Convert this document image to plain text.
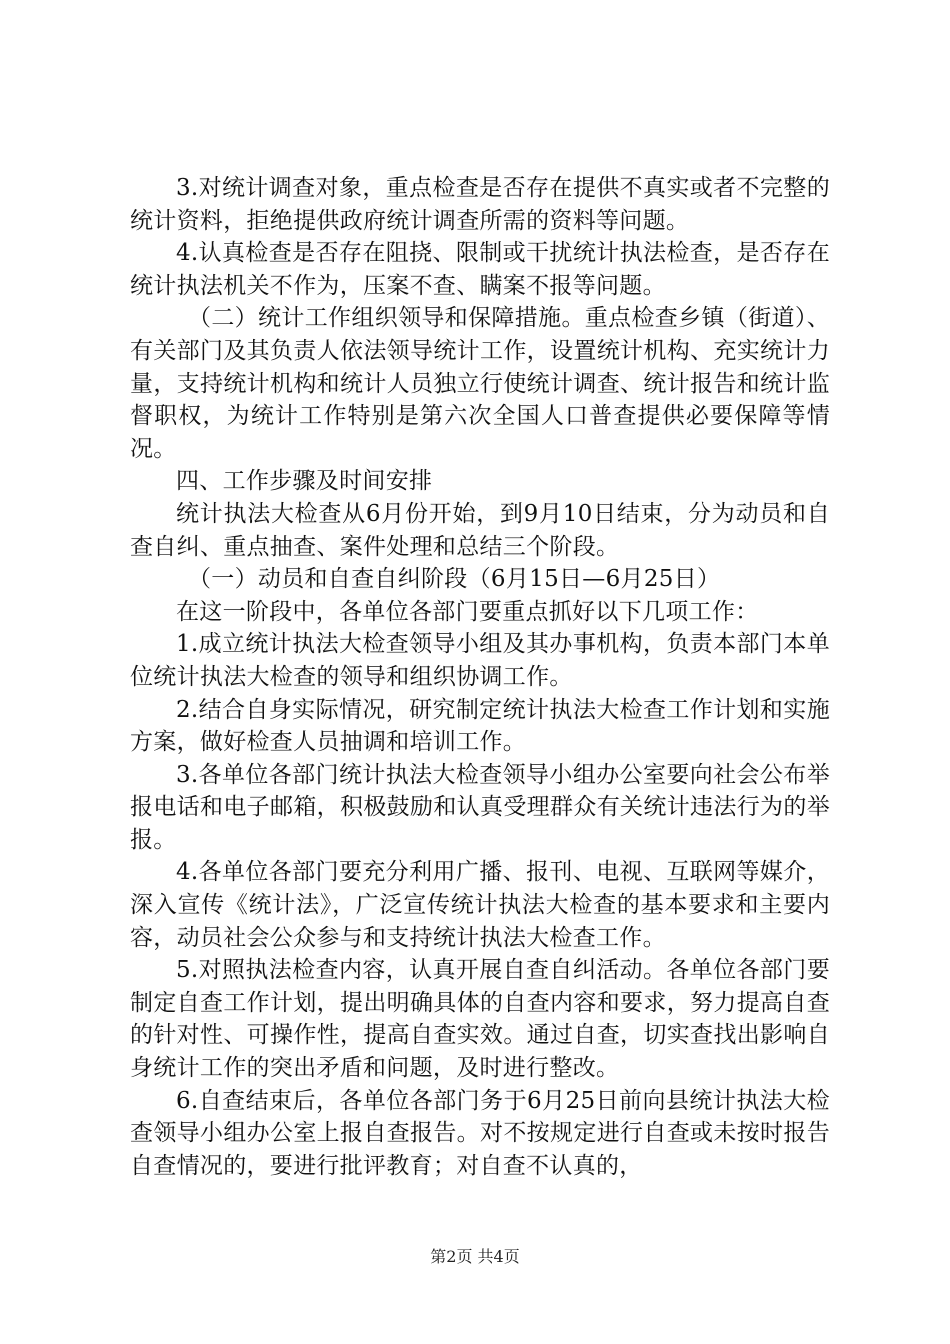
3.对统计调查对象，重点检查是否存在提供不真实或者不完整的统计资料，拒绝提供政府统计调查所需的资料等问题。

4.认真检查是否存在阻挠、限制或干扰统计执法检查，是否存在统计执法机关不作为，压案不查、瞒案不报等问题。

（二）统计工作组织领导和保障措施。重点检查乡镇（街道）、有关部门及其负责人依法领导统计工作，设置统计机构、充实统计力量，支持统计机构和统计人员独立行使统计调查、统计报告和统计监督职权，为统计工作特别是第六次全国人口普查提供必要保障等情况。

四、工作步骤及时间安排

统计执法大检查从6月份开始，到9月10日结束，分为动员和自查自纠、重点抽查、案件处理和总结三个阶段。

（一）动员和自查自纠阶段（6月15日—6月25日）

在这一阶段中，各单位各部门要重点抓好以下几项工作：

1.成立统计执法大检查领导小组及其办事机构，负责本部门本单位统计执法大检查的领导和组织协调工作。

2.结合自身实际情况，研究制定统计执法大检查工作计划和实施方案，做好检查人员抽调和培训工作。

3.各单位各部门统计执法大检查领导小组办公室要向社会公布举报电话和电子邮箱，积极鼓励和认真受理群众有关统计违法行为的举报。

4.各单位各部门要充分利用广播、报刊、电视、互联网等媒介，深入宣传《统计法》，广泛宣传统计执法大检查的基本要求和主要内容，动员社会公众参与和支持统计执法大检查工作。

5.对照执法检查内容，认真开展自查自纠活动。各单位各部门要制定自查工作计划，提出明确具体的自查内容和要求，努力提高自查的针对性、可操作性，提高自查实效。通过自查，切实查找出影响自身统计工作的突出矛盾和问题，及时进行整改。

6.自查结束后，各单位各部门务于6月25日前向县统计执法大检查领导小组办公室上报自查报告。对不按规定进行自查或未按时报告自查情况的，要进行批评教育；对自查不认真的，

第2页 共4页
